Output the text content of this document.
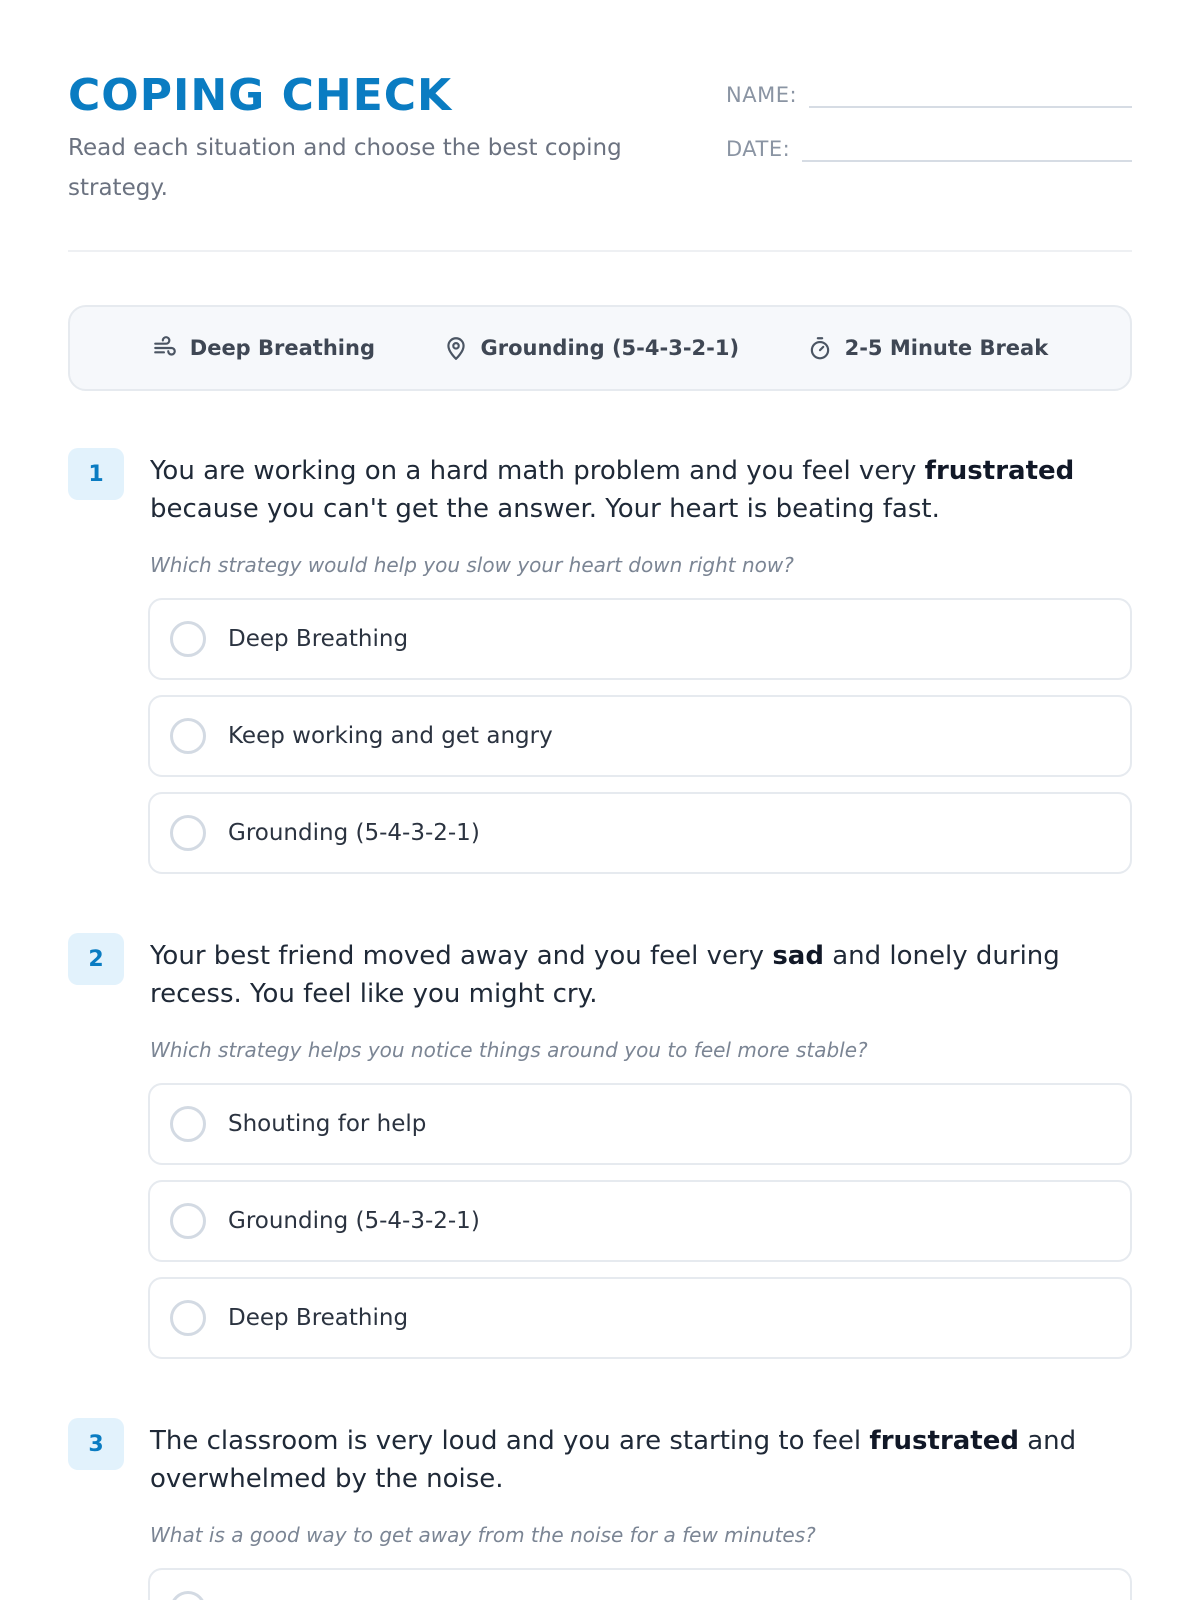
COPING CHECK

Read each situation and choose the best coping strategy.

NAME:
DATE:
Deep Breathing	Grounding (5-4-3-2-1)	2-5 Minute Break
1	You are working on a hard math problem and you feel very frustrated because you can't get the answer. Your heart is beating fast.

Which strategy would help you slow your heart down right now?

Deep Breathing
Keep working and get angry
Grounding (5-4-3-2-1)
2	Your best friend moved away and you feel very sad and lonely during recess. You feel like you might cry.

Which strategy helps you notice things around you to feel more stable?

Shouting for help
Grounding (5-4-3-2-1)
Deep Breathing
3	The classroom is very loud and you are starting to feel frustrated and overwhelmed by the noise.

What is a good way to get away from the noise for a few minutes?
